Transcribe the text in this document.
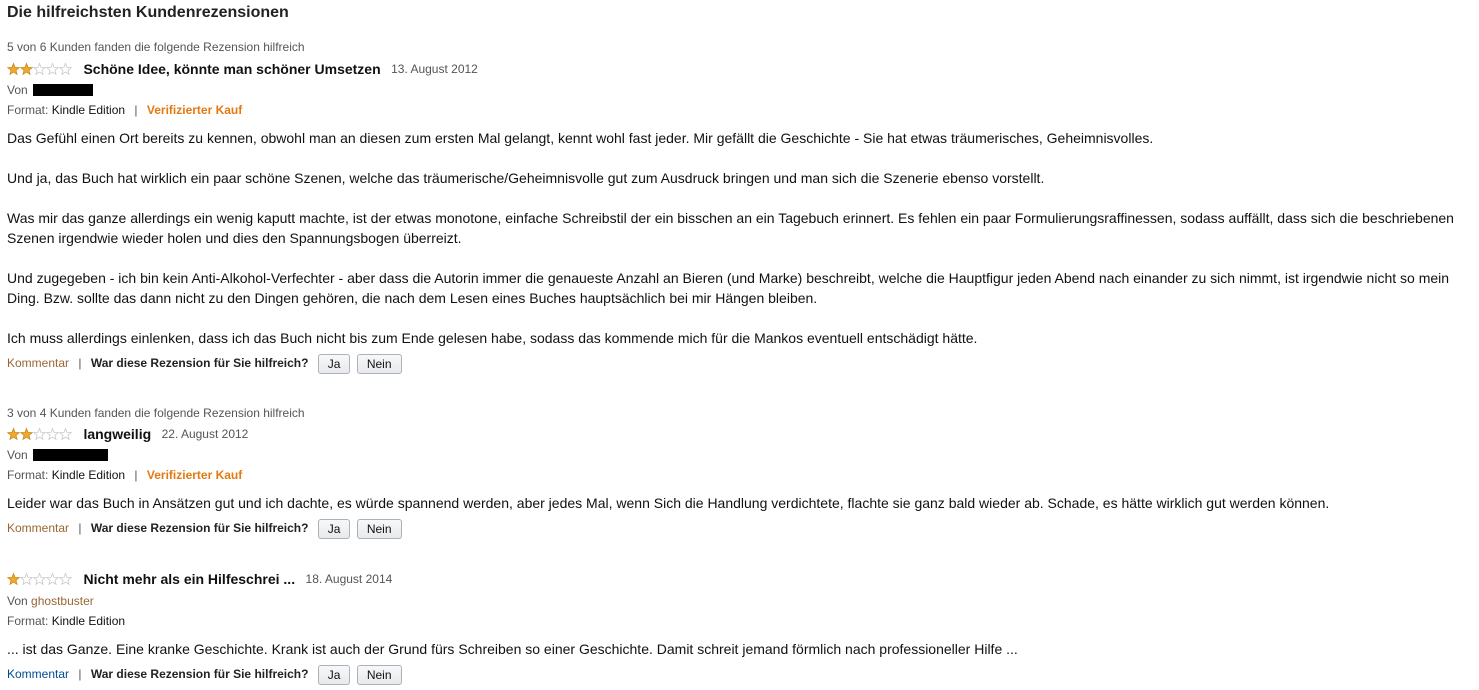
Die hilfreichsten Kundenrezensionen
5 von 6 Kunden fanden die folgende Rezension hilfreich
Schöne Idee, könnte man schöner Umsetzen 13. August 2012
Von
Format: Kindle Edition | Verifizierter Kauf

Das Gefühl einen Ort bereits zu kennen, obwohl man an diesen zum ersten Mal gelangt, kennt wohl fast jeder. Mir gefällt die Geschichte - Sie hat etwas träumerisches, Geheimnisvolles.

Und ja, das Buch hat wirklich ein paar schöne Szenen, welche das träumerische/Geheimnisvolle gut zum Ausdruck bringen und man sich die Szenerie ebenso vorstellt.

Was mir das ganze allerdings ein wenig kaputt machte, ist der etwas monotone, einfache Schreibstil der ein bisschen an ein Tagebuch erinnert. Es fehlen ein paar Formulierungsraffinessen, sodass auffällt, dass sich die beschriebenen Szenen irgendwie wieder holen und dies den Spannungsbogen überreizt.

Und zugegeben - ich bin kein Anti-Alkohol-Verfechter - aber dass die Autorin immer die genaueste Anzahl an Bieren (und Marke) beschreibt, welche die Hauptfigur jeden Abend nach einander zu sich nimmt, ist irgendwie nicht so mein Ding. Bzw. sollte das dann nicht zu den Dingen gehören, die nach dem Lesen eines Buches hauptsächlich bei mir Hängen bleiben.

Ich muss allerdings einlenken, dass ich das Buch nicht bis zum Ende gelesen habe, sodass das kommende mich für die Mankos eventuell entschädigt hätte.

Kommentar | War diese Rezension für Sie hilfreich? Ja Nein
3 von 4 Kunden fanden die folgende Rezension hilfreich
langweilig 22. August 2012
Von
Format: Kindle Edition | Verifizierter Kauf

Leider war das Buch in Ansätzen gut und ich dachte, es würde spannend werden, aber jedes Mal, wenn Sich die Handlung verdichtete, flachte sie ganz bald wieder ab. Schade, es hätte wirklich gut werden können.

Kommentar | War diese Rezension für Sie hilfreich? Ja Nein
Nicht mehr als ein Hilfeschrei ... 18. August 2014
Von ghostbuster
Format: Kindle Edition

... ist das Ganze. Eine kranke Geschichte. Krank ist auch der Grund fürs Schreiben so einer Geschichte. Damit schreit jemand förmlich nach professioneller Hilfe ...

Kommentar | War diese Rezension für Sie hilfreich? Ja Nein
